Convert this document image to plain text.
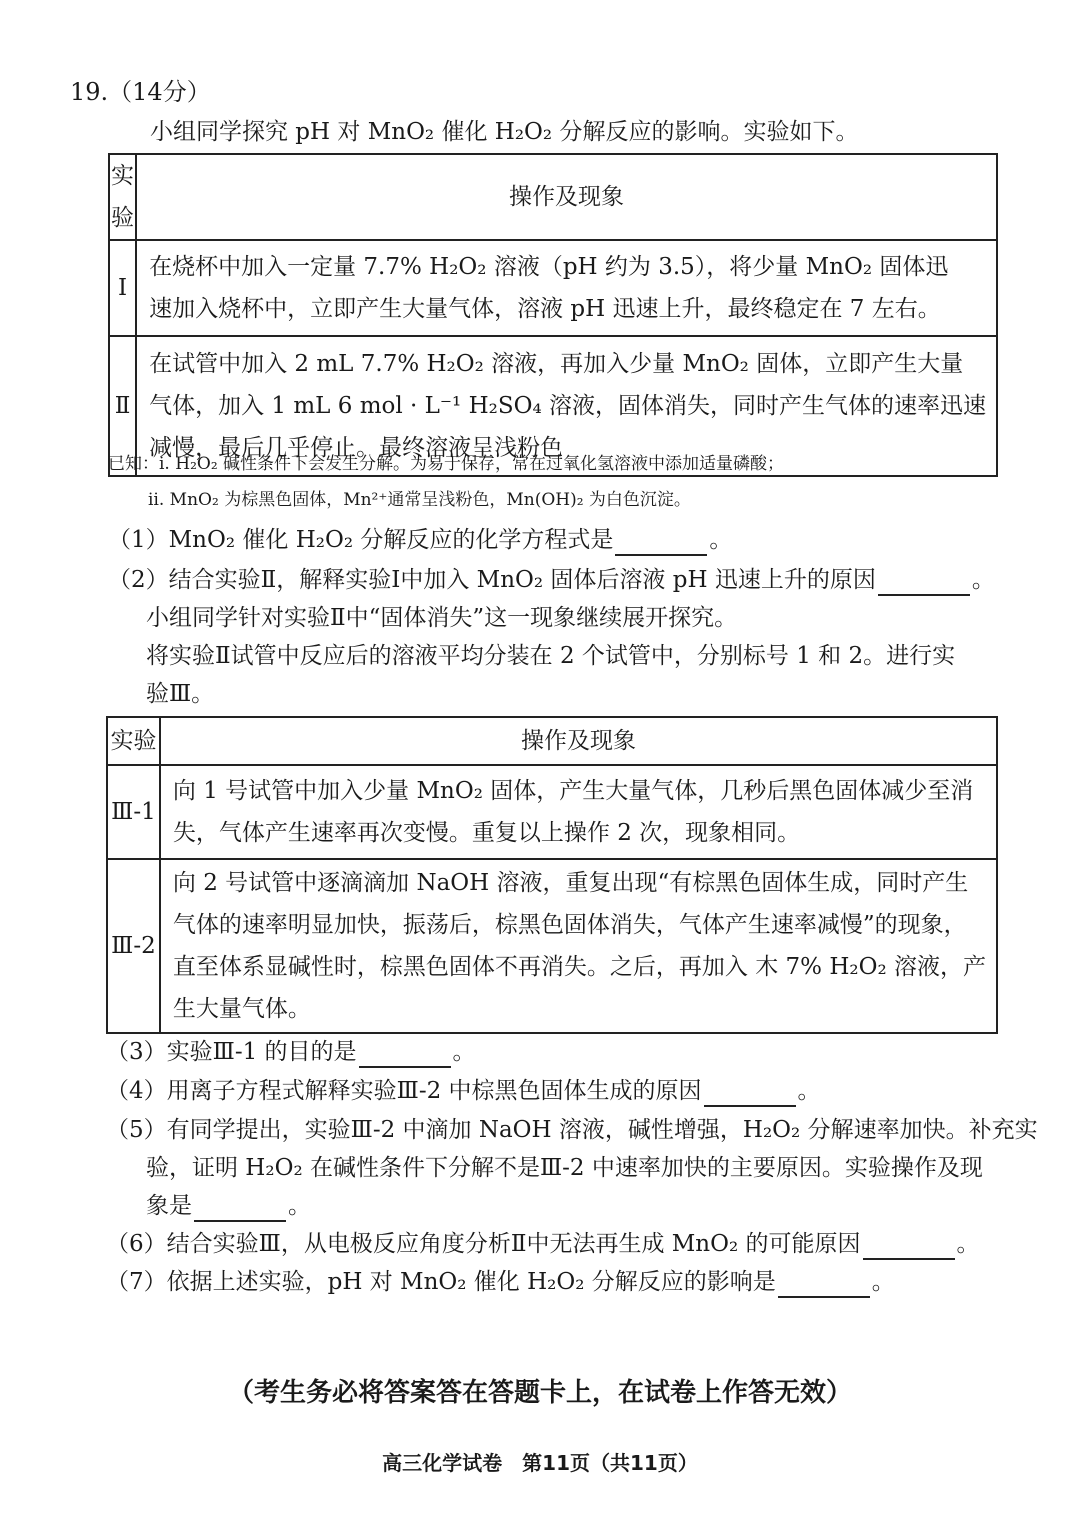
19.（14分）
小组同学探究 pH 对 MnO₂ 催化 H₂O₂ 分解反应的影响。实验如下。
实验	操作及现象
Ⅰ	在烧杯中加入一定量 7.7% H₂O₂ 溶液（pH 约为 3.5），将少量 MnO₂ 固体迅
速加入烧杯中，立即产生大量气体，溶液 pH 迅速上升，最终稳定在 7 左右。

Ⅱ	在试管中加入 2 mL 7.7% H₂O₂ 溶液，再加入少量 MnO₂ 固体，立即产生大量
气体，加入 1 mL 6 mol · L⁻¹ H₂SO₄ 溶液，固体消失，同时产生气体的速率迅速
减慢，最后几乎停止。最终溶液呈浅粉色
已知：ⅰ. H₂O₂ 碱性条件下会发生分解。为易于保存，常在过氧化氢溶液中添加适量磷酸；
ⅱ. MnO₂ 为棕黑色固体，Mn²⁺通常呈浅粉色，Mn(OH)₂ 为白色沉淀。
（1）MnO₂ 催化 H₂O₂ 分解反应的化学方程式是	。
（2）结合实验Ⅱ，解释实验Ⅰ中加入 MnO₂ 固体后溶液 pH 迅速上升的原因	。
小组同学针对实验Ⅱ中“固体消失”这一现象继续展开探究。
将实验Ⅱ试管中反应后的溶液平均分装在 2 个试管中，分别标号 1 和 2。进行实
验Ⅲ。
实验	操作及现象
Ⅲ-1	向 1 号试管中加入少量 MnO₂ 固体，产生大量气体，几秒后黑色固体减少至消
失，气体产生速率再次变慢。重复以上操作 2 次，现象相同。

Ⅲ-2	向 2 号试管中逐滴滴加 NaOH 溶液，重复出现“有棕黑色固体生成，同时产生
气体的速率明显加快，振荡后，棕黑色固体消失，气体产生速率减慢”的现象，
直至体系显碱性时，棕黑色固体不再消失。之后，再加入 ⽊ 7% H₂O₂ 溶液，产
生大量气体。
（3）实验Ⅲ-1 的目的是	。
（4）用离子方程式解释实验Ⅲ-2 中棕黑色固体生成的原因	。
（5）有同学提出，实验Ⅲ-2 中滴加 NaOH 溶液，碱性增强，H₂O₂ 分解速率加快。补充实
验，证明 H₂O₂ 在碱性条件下分解不是Ⅲ-2 中速率加快的主要原因。实验操作及现
象是	。
（6）结合实验Ⅲ，从电极反应角度分析Ⅱ中无法再生成 MnO₂ 的可能原因	。
（7）依据上述实验，pH 对 MnO₂ 催化 H₂O₂ 分解反应的影响是	。
（考生务必将答案答在答题卡上，在试卷上作答无效）
高三化学试卷　第11页（共11页）
